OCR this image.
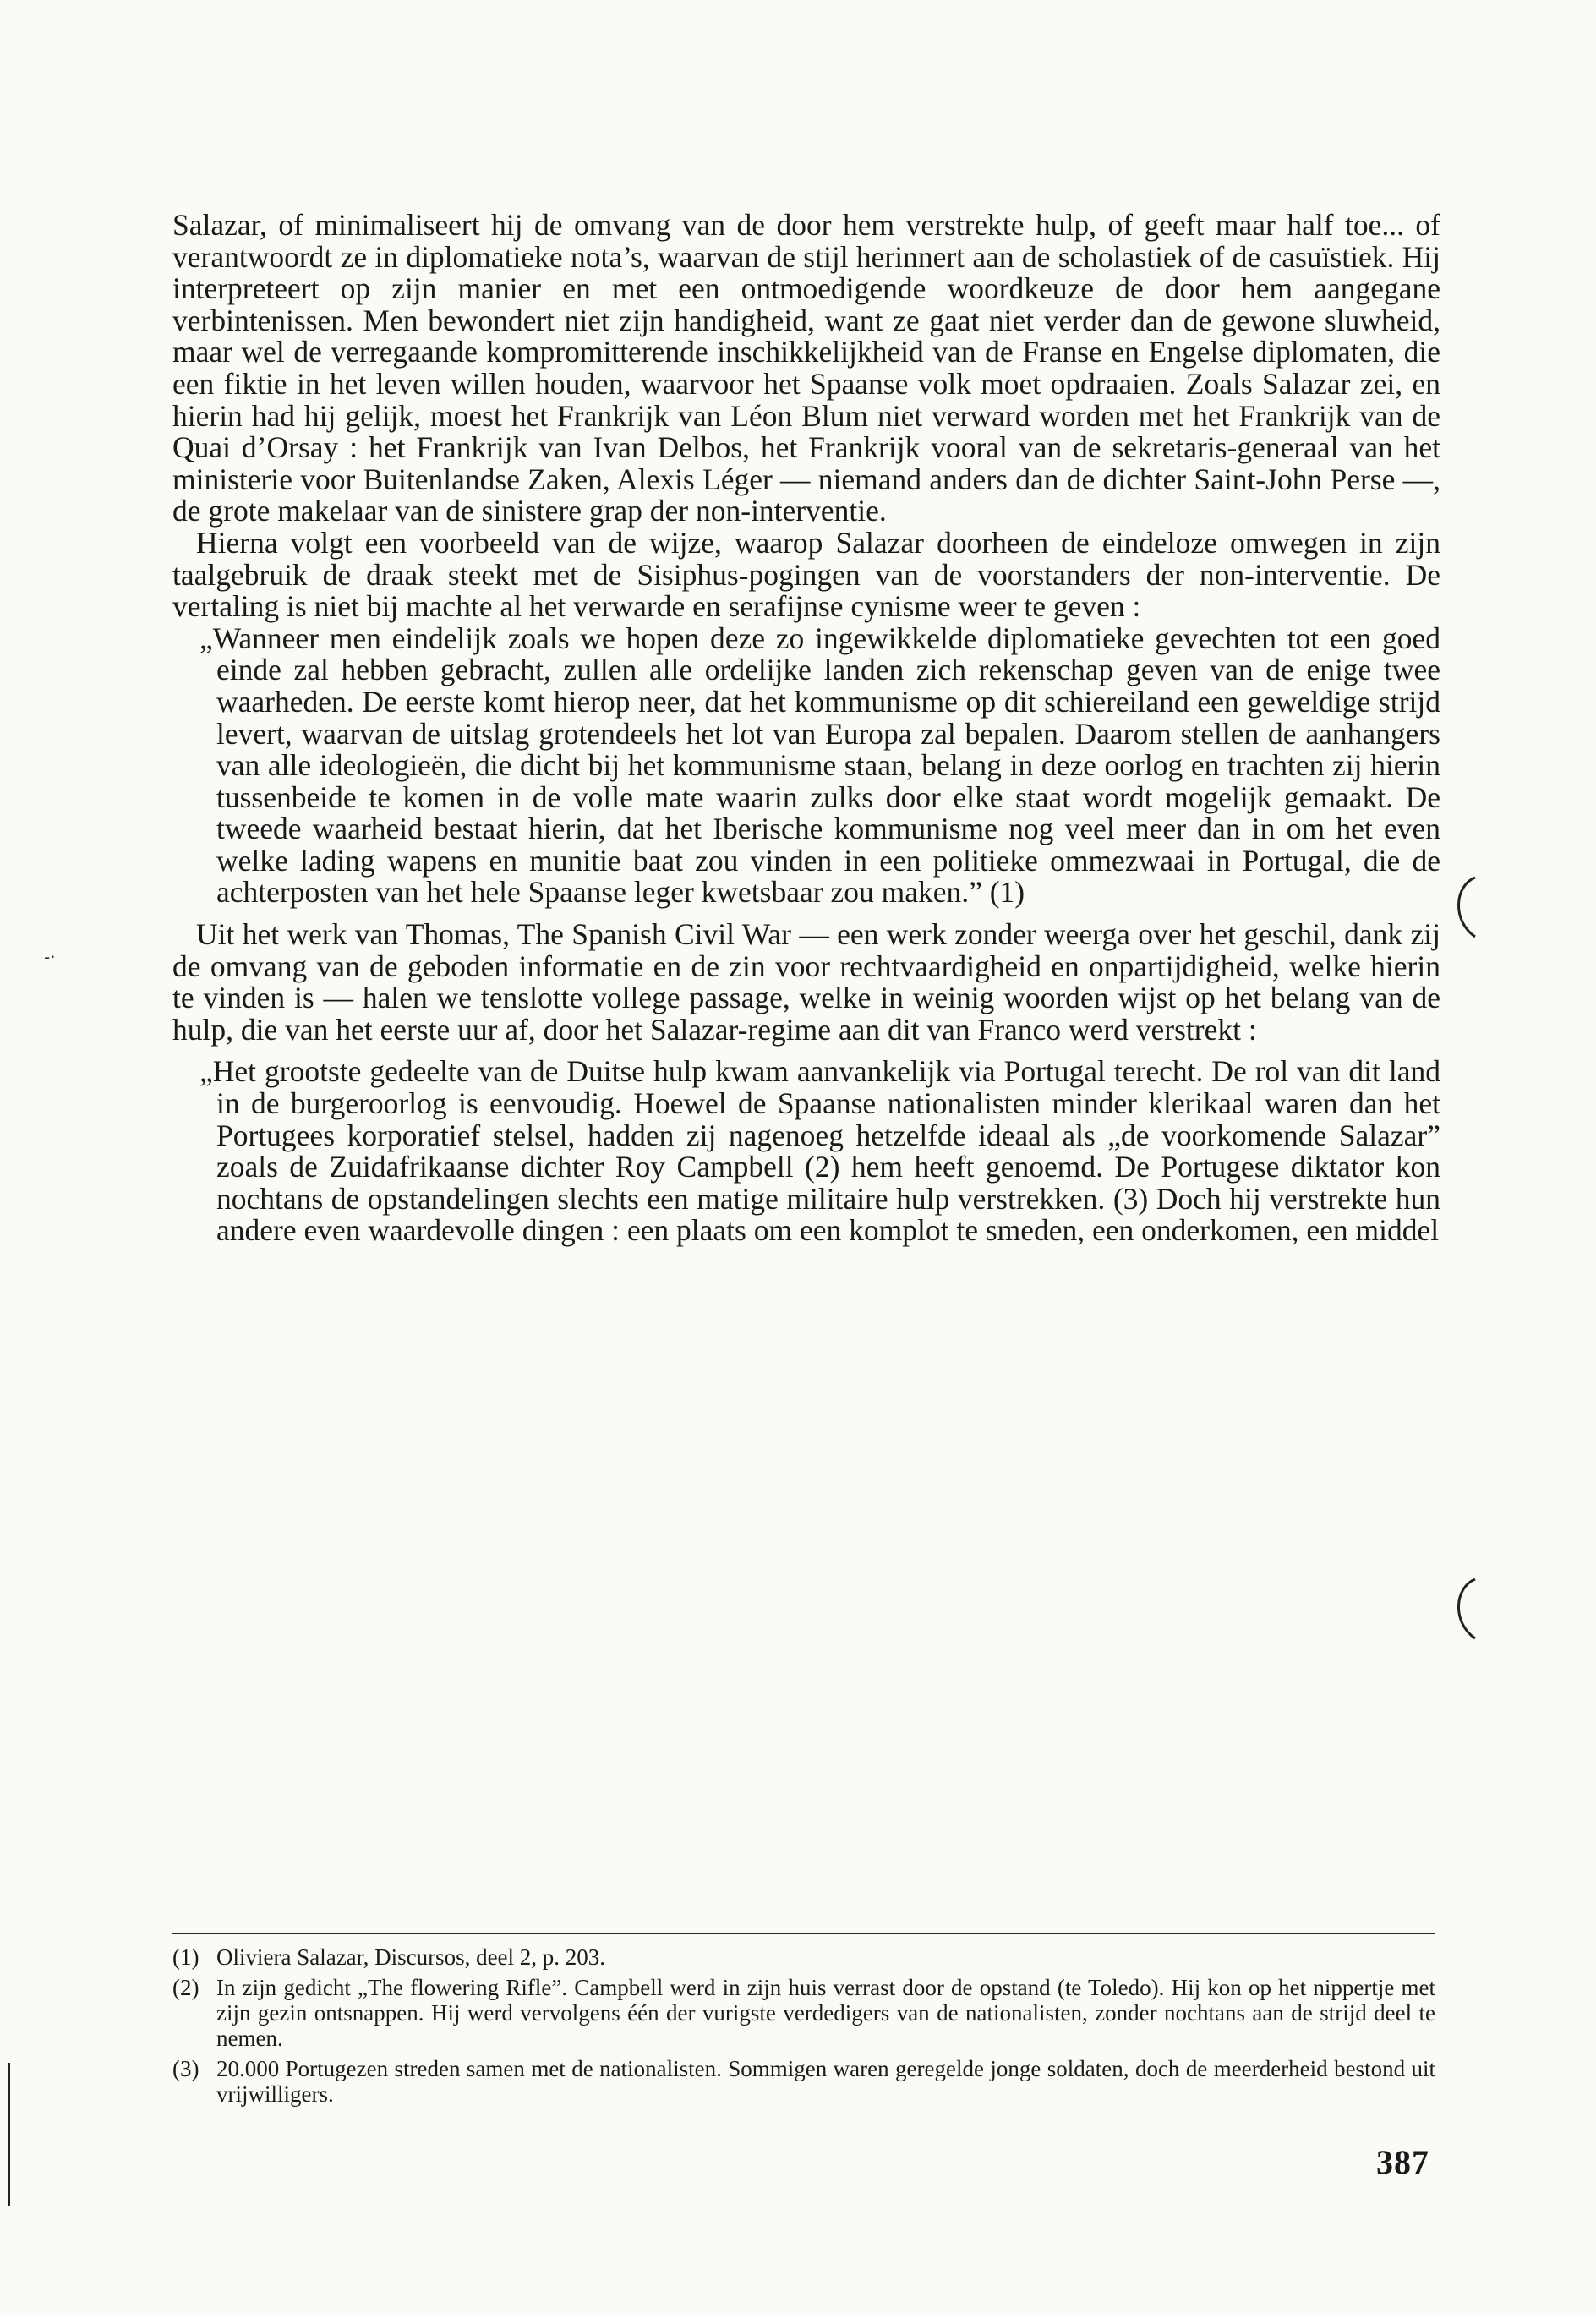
Salazar, of minimaliseert hij de omvang van de door hem verstrekte hulp, of geeft maar half toe... of verantwoordt ze in diplomatieke nota’s, waarvan de stijl herinnert aan de scholastiek of de casuïstiek. Hij interpreteert op zijn manier en met een ontmoedigende woordkeuze de door hem aangegane verbintenissen. Men bewondert niet zijn handigheid, want ze gaat niet verder dan de gewone sluwheid, maar wel de verregaande kompromitterende inschikkelijkheid van de Franse en Engelse diplomaten, die een fiktie in het leven willen houden, waarvoor het Spaanse volk moet opdraaien. Zoals Salazar zei, en hierin had hij gelijk, moest het Frankrijk van Léon Blum niet verward worden met het Frankrijk van de Quai d’Orsay : het Frankrijk van Ivan Delbos, het Frankrijk vooral van de sekretaris-generaal van het ministerie voor Buitenlandse Zaken, Alexis Léger — niemand anders dan de dichter Saint-John Perse —, de grote makelaar van de sinistere grap der non-interventie.

Hierna volgt een voorbeeld van de wijze, waarop Salazar doorheen de eindeloze omwegen in zijn taalgebruik de draak steekt met de Sisiphus-pogingen van de voorstanders der non-interventie. De vertaling is niet bij machte al het verwarde en serafijnse cynisme weer te geven :

„Wanneer men eindelijk zoals we hopen deze zo ingewikkelde diplomatieke gevechten tot een goed einde zal hebben gebracht, zullen alle ordelijke landen zich rekenschap geven van de enige twee waarheden. De eerste komt hierop neer, dat het kommunisme op dit schiereiland een geweldige strijd levert, waarvan de uitslag grotendeels het lot van Europa zal bepalen. Daarom stellen de aanhangers van alle ideologieën, die dicht bij het kommunisme staan, belang in deze oorlog en trachten zij hierin tussenbeide te komen in de volle mate waarin zulks door elke staat wordt mogelijk gemaakt. De tweede waarheid bestaat hierin, dat het Iberische kommunisme nog veel meer dan in om het even welke lading wapens en munitie baat zou vinden in een politieke ommezwaai in Portugal, die de achterposten van het hele Spaanse leger kwetsbaar zou maken.” (1)

Uit het werk van Thomas, The Spanish Civil War — een werk zonder weerga over het geschil, dank zij de omvang van de geboden informatie en de zin voor rechtvaardigheid en onpartijdigheid, welke hierin te vinden is — halen we tenslotte vollege passage, welke in weinig woorden wijst op het belang van de hulp, die van het eerste uur af, door het Salazar-regime aan dit van Franco werd verstrekt :

„Het grootste gedeelte van de Duitse hulp kwam aanvankelijk via Portugal terecht. De rol van dit land in de burgeroorlog is eenvoudig. Hoewel de Spaanse nationalisten minder klerikaal waren dan het Portugees korporatief stelsel, hadden zij nagenoeg hetzelfde ideaal als „de voorkomende Salazar” zoals de Zuidafrikaanse dichter Roy Campbell (2) hem heeft genoemd. De Portugese diktator kon nochtans de opstandelingen slechts een matige militaire hulp verstrekken. (3) Doch hij verstrekte hun andere even waardevolle dingen : een plaats om een komplot te smeden, een onderkomen, een middel

-·
(1) Oliviera Salazar, Discursos, deel 2, p. 203.
(2) In zijn gedicht „The flowering Rifle”. Campbell werd in zijn huis verrast door de opstand (te Toledo). Hij kon op het nippertje met zijn gezin ontsnappen. Hij werd vervolgens één der vurigste verdedigers van de nationalisten, zonder nochtans aan de strijd deel te nemen.
(3) 20.000 Portugezen streden samen met de nationalisten. Sommigen waren geregelde jonge soldaten, doch de meerderheid bestond uit vrijwilligers.
387
